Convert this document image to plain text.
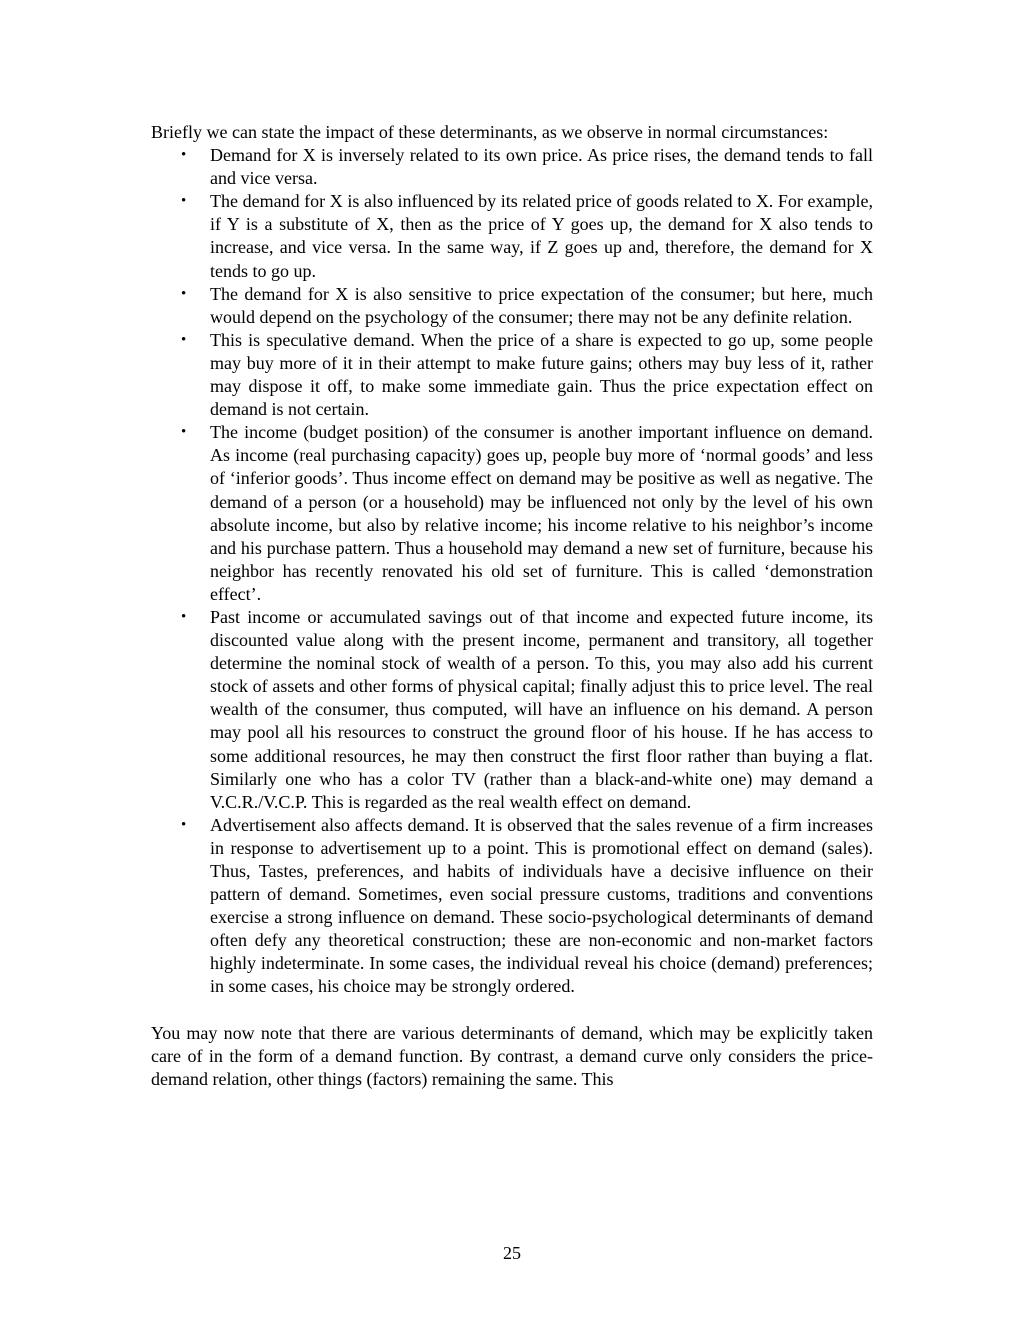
Briefly we can state the impact of these determinants, as we observe in normal circumstances:

• Demand for X is inversely related to its own price. As price rises, the demand tends to fall and vice versa.
• The demand for X is also influenced by its related price of goods related to X. For example, if Y is a substitute of X, then as the price of Y goes up, the demand for X also tends to increase, and vice versa. In the same way, if Z goes up and, therefore, the demand for X tends to go up.
• The demand for X is also sensitive to price expectation of the consumer; but here, much   would depend on the psychology of the consumer; there may not be any definite relation.
• This is speculative demand. When the price of a share is expected to go up, some people may buy more of it in their attempt to make future gains; others may buy less of it, rather may dispose it off, to make some immediate gain. Thus the price expectation effect on demand is not certain.
• The income (budget position) of the consumer is another important influence on demand. As income (real purchasing capacity) goes up, people buy more of ‘normal goods’ and less of ‘inferior goods’. Thus income effect on demand may be positive as well as negative. The demand of a person (or a household) may be influenced not only by the level of his own absolute income, but also by relative income; his income relative to his neighbor’s income and his purchase pattern. Thus a household may demand a new set of furniture, because his neighbor has recently renovated his old set of furniture. This is called ‘demonstration effect’.
• Past income or accumulated savings out of that income and expected future income, its discounted value along with the present income, permanent and transitory, all together determine the nominal stock of wealth of a person. To this, you may also add his current stock of assets and other forms of physical capital; finally adjust this to price level. The real wealth of the consumer, thus computed, will have an influence on his demand. A person may pool all his resources to construct the ground floor of his house. If he has access to some additional resources, he may then construct the first floor rather than buying a flat. Similarly one who has a color TV (rather than a black-and-white one) may demand a V.C.R./V.C.P. This is regarded as the real wealth effect on demand.
• Advertisement also affects demand. It is observed that the sales revenue of a firm increases in response to advertisement up to a point. This is promotional effect on demand (sales). Thus, Tastes, preferences, and habits of individuals have a decisive influence on their pattern of demand. Sometimes, even social pressure customs, traditions and conventions exercise a strong influence on demand. These socio-psychological determinants of demand often defy any theoretical construction; these are non-economic and non-market factors highly indeterminate. In some cases, the individual reveal his choice (demand) preferences; in some cases, his choice may be strongly ordered.

You may now note that there are various determinants of demand, which may be explicitly taken care of in the form of a demand function. By contrast, a demand curve only considers the price-demand relation, other things (factors) remaining the same. This

25
